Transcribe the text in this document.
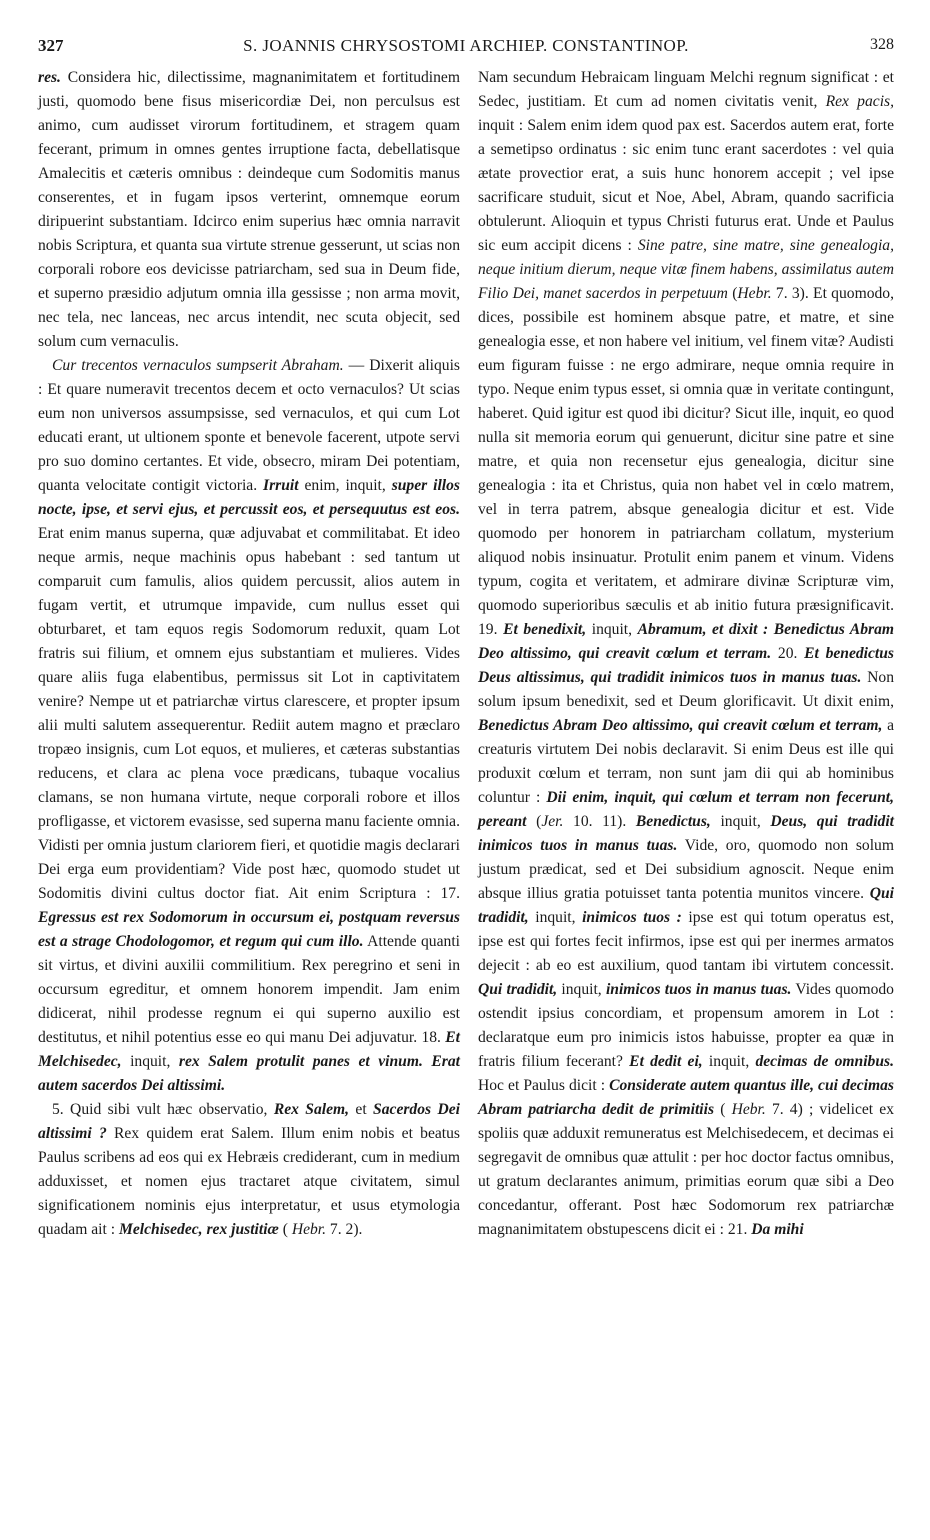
327	S. JOANNIS CHRYSOSTOMI ARCHIEP. CONSTANTINOP.	328

res. Considera hic, dilectissime, magnanimitatem et fortitudinem justi, quomodo bene fisus misericordiæ Dei, non perculsus est animo, cum audisset virorum fortitudinem, et stragem quam fecerant, primum in omnes gentes irruptione facta, debellatisque Amalecitis et cæteris omnibus : deindeque cum Sodomitis manus conserentes, et in fugam ipsos verterint, omnemque eorum diripuerint substantiam. Idcirco enim superius hæc omnia narravit nobis Scriptura, et quanta sua virtute strenue gesserunt, ut scias non corporali robore eos devicisse patriarcham, sed sua in Deum fide, et superno præsidio adjutum omnia illa gessisse ; non arma movit, nec tela, nec lanceas, nec arcus intendit, nec scuta objecit, sed solum cum vernaculis.

Cur trecentos vernaculos sumpserit Abraham. — Dixerit aliquis : Et quare numeravit trecentos decem et octo vernaculos? Ut scias eum non universos assumpsisse, sed vernaculos, et qui cum Lot educati erant, ut ultionem sponte et benevole facerent, utpote servi pro suo domino certantes. Et vide, obsecro, miram Dei potentiam, quanta velocitate contigit victoria. Irruit enim, inquit, super illos nocte, ipse, et servi ejus, et percussit eos, et persequutus est eos. Erat enim manus superna, quæ adjuvabat et commilitabat. Et ideo neque armis, neque machinis opus habebant : sed tantum ut comparuit cum famulis, alios quidem percussit, alios autem in fugam vertit, et utrumque impavide, cum nullus esset qui obturbaret, et tam equos regis Sodomorum reduxit, quam Lot fratris sui filium, et omnem ejus substantiam et mulieres. Vides quare aliis fuga elabentibus, permissus sit Lot in captivitatem venire? Nempe ut et patriarchæ virtus clarescere, et propter ipsum alii multi salutem assequerentur. Rediit autem magno et præclaro tropæo insignis, cum Lot equos, et mulieres, et cæteras substantias reducens, et clara ac plena voce prædicans, tubaque vocalius clamans, se non humana virtute, neque corporali robore et illos profligasse, et victorem evasisse, sed superna manu faciente omnia. Vidisti per omnia justum clariorem fieri, et quotidie magis declarari Dei erga eum providentiam? Vide post hæc, quomodo studet ut Sodomitis divini cultus doctor fiat. Ait enim Scriptura : 17. Egressus est rex Sodomorum in occursum ei, postquam reversus est a strage Chodologomor, et regum qui cum illo. Attende quanti sit virtus, et divini auxilii commilitium. Rex peregrino et seni in occursum egreditur, et omnem honorem impendit. Jam enim didicerat, nihil prodesse regnum ei qui superno auxilio est destitutus, et nihil potentius esse eo qui manu Dei adjuvatur. 18. Et Melchisedec, inquit, rex Salem protulit panes et vinum. Erat autem sacerdos Dei altissimi.

5. Quid sibi vult hæc observatio, Rex Salem, et Sacerdos Dei altissimi ? Rex quidem erat Salem. Illum enim nobis et beatus Paulus scribens ad eos qui ex Hebræis crediderant, cum in medium adduxisset, et nomen ejus tractaret atque civitatem, simul significationem nominis ejus interpretatur, et usus etymologia quadam ait : Melchisedec, rex justitiæ ( Hebr. 7. 2).

Nam secundum Hebraicam linguam Melchi regnum significat : et Sedec, justitiam. Et cum ad nomen civitatis venit, Rex pacis, inquit : Salem enim idem quod pax est. Sacerdos autem erat, forte a semetipso ordinatus : sic enim tunc erant sacerdotes : vel quia ætate provectior erat, a suis hunc honorem accepit ; vel ipse sacrificare studuit, sicut et Noe, Abel, Abram, quando sacrificia obtulerunt. Alioquin et typus Christi futurus erat. Unde et Paulus sic eum accipit dicens : Sine patre, sine matre, sine genealogia, neque initium dierum, neque vitæ finem habens, assimilatus autem Filio Dei, manet sacerdos in perpetuum (Hebr. 7. 3). Et quomodo, dices, possibile est hominem absque patre, et matre, et sine genealogia esse, et non habere vel initium, vel finem vitæ? Audisti eum figuram fuisse : ne ergo admirare, neque omnia require in typo. Neque enim typus esset, si omnia quæ in veritate contingunt, haberet. Quid igitur est quod ibi dicitur? Sicut ille, inquit, eo quod nulla sit memoria eorum qui genuerunt, dicitur sine patre et sine matre, et quia non recensetur ejus genealogia, dicitur sine genealogia : ita et Christus, quia non habet vel in cœlo matrem, vel in terra patrem, absque genealogia dicitur et est. Vide quomodo per honorem in patriarcham collatum, mysterium aliquod nobis insinuatur. Protulit enim panem et vinum. Videns typum, cogita et veritatem, et admirare divinæ Scripturæ vim, quomodo superioribus sæculis et ab initio futura præsignificavit. 19. Et benedixit, inquit, Abramum, et dixit : Benedictus Abram Deo altissimo, qui creavit cœlum et terram. 20. Et benedictus Deus altissimus, qui tradidit inimicos tuos in manus tuas. Non solum ipsum benedixit, sed et Deum glorificavit. Ut dixit enim, Benedictus Abram Deo altissimo, qui creavit cœlum et terram, a creaturis virtutem Dei nobis declaravit. Si enim Deus est ille qui produxit cœlum et terram, non sunt jam dii qui ab hominibus coluntur : Dii enim, inquit, qui cœlum et terram non fecerunt, pereant (Jer. 10. 11). Benedictus, inquit, Deus, qui tradidit inimicos tuos in manus tuas. Vide, oro, quomodo non solum justum prædicat, sed et Dei subsidium agnoscit. Neque enim absque illius gratia potuisset tanta potentia munitos vincere. Qui tradidit, inquit, inimicos tuos : ipse est qui totum operatus est, ipse est qui fortes fecit infirmos, ipse est qui per inermes armatos dejecit : ab eo est auxilium, quod tantam ibi virtutem concessit. Qui tradidit, inquit, inimicos tuos in manus tuas. Vides quomodo ostendit ipsius concordiam, et propensum amorem in Lot : declaratque eum pro inimicis istos habuisse, propter ea quæ in fratris filium fecerant? Et dedit ei, inquit, decimas de omnibus. Hoc et Paulus dicit : Considerate autem quantus ille, cui decimas Abram patriarcha dedit de primitiis ( Hebr. 7. 4) ; videlicet ex spoliis quæ adduxit remuneratus est Melchisedecem, et decimas ei segregavit de omnibus quæ attulit : per hoc doctor factus omnibus, ut gratum declarantes animum, primitias eorum quæ sibi a Deo concedantur, offerant. Post hæc Sodomorum rex patriarchæ magnanimitatem obstupescens dicit ei : 21. Da mihi
